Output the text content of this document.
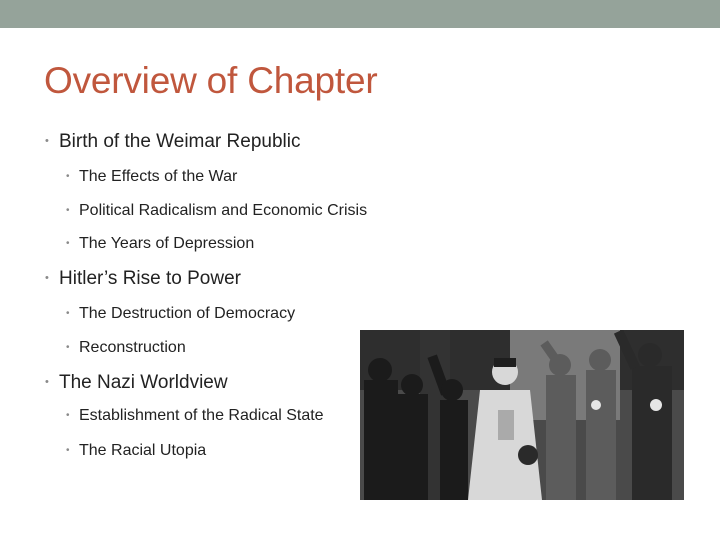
Overview of Chapter
• Birth of the Weimar Republic
• The Effects of the War
• Political Radicalism and Economic Crisis
• The Years of Depression
• Hitler’s Rise to Power
• The Destruction of Democracy
• Reconstruction
• The Nazi Worldview
• Establishment of the Radical State
• The Racial Utopia
